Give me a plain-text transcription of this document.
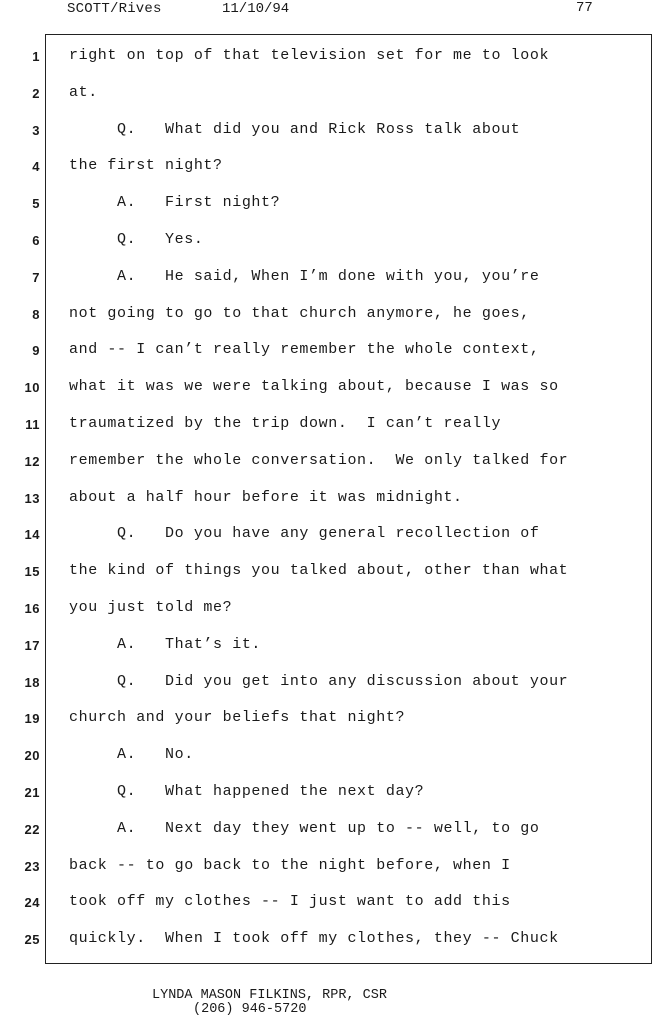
SCOTT/Rives	11/10/94	77
1 right on top of that television set for me to look
2 at.
3 Q.   What did you and Rick Ross talk about
4 the first night?
5 A.   First night?
6 Q.   Yes.
7 A.   He said, When I’m done with you, you’re
8 not going to go to that church anymore, he goes,
9 and -- I can’t really remember the whole context,
10 what it was we were talking about, because I was so
11 traumatized by the trip down.  I can’t really
12 remember the whole conversation.  We only talked for
13 about a half hour before it was midnight.
14 Q.   Do you have any general recollection of
15 the kind of things you talked about, other than what
16 you just told me?
17 A.   That’s it.
18 Q.   Did you get into any discussion about your
19 church and your beliefs that night?
20 A.   No.
21 Q.   What happened the next day?
22 A.   Next day they went up to -- well, to go
23 back -- to go back to the night before, when I
24 took off my clothes -- I just want to add this
25 quickly.  When I took off my clothes, they -- Chuck
LYNDA MASON FILKINS, RPR, CSR
(206) 946-5720
